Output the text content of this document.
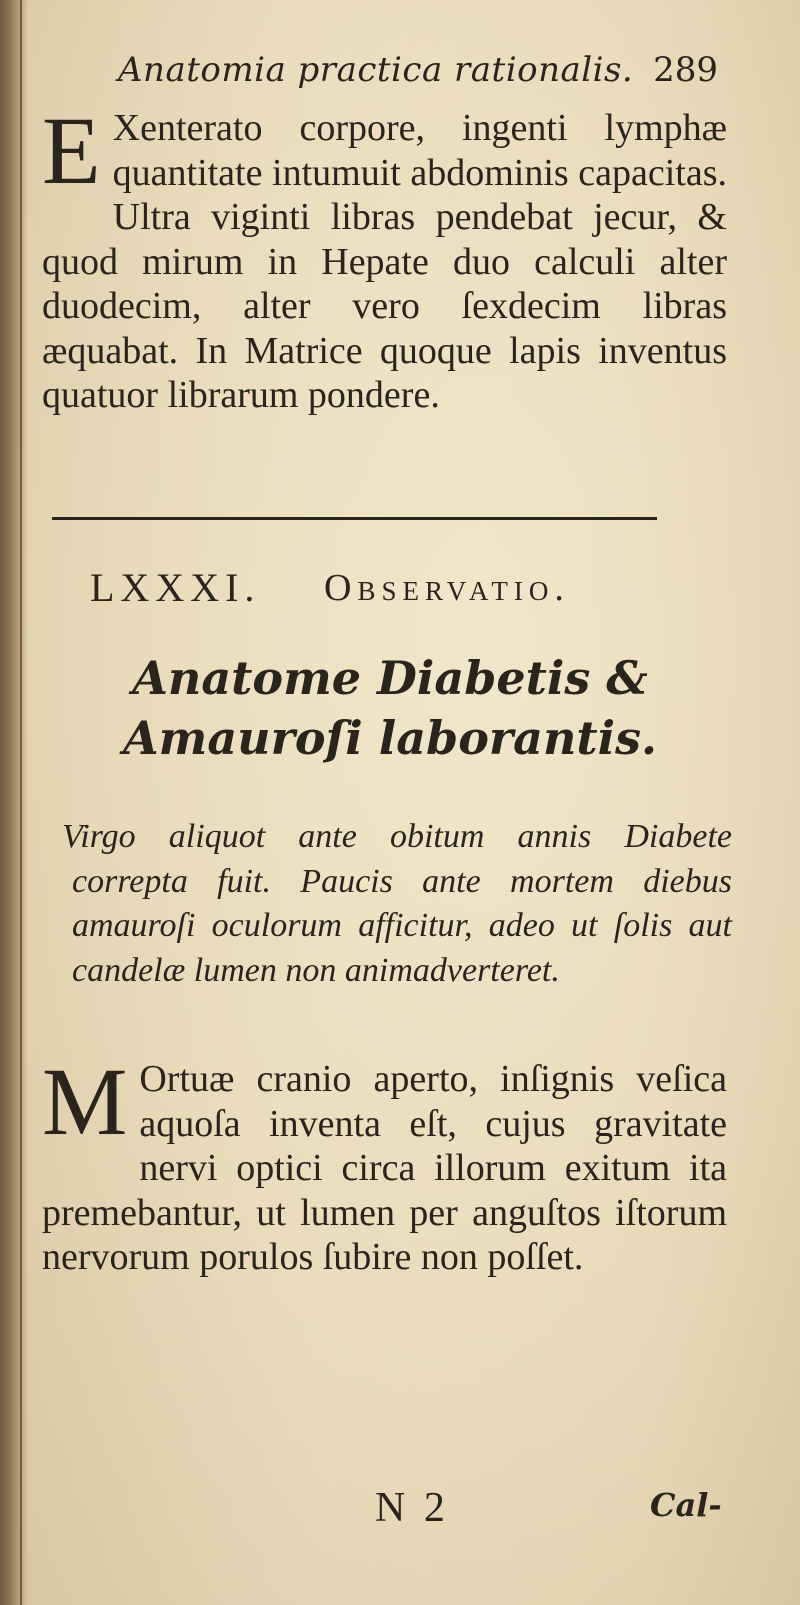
Anatomia practica rationalis. 289
E Xenterato corpore, ingenti lymphæ quantitate intumuit abdominis capacitas. Ultra viginti libras pendebat jecur, & quod mirum in Hepate duo calculi alter duodecim, alter vero ſexdecim libras æquabat. In Matrice quoque lapis inventus quatuor librarum pondere.
LXXXI. Observatio.
Anatome Diabetis & Amauroſi laborantis.
Virgo aliquot ante obitum annis Diabete correpta fuit. Paucis ante mortem diebus amauroſi oculorum afficitur, adeo ut ſolis aut candelæ lumen non animadverteret.
M Ortuæ cranio aperto, inſignis veſica aquoſa inventa eſt, cujus gravitate nervi optici circa illorum exitum ita premebantur, ut lumen per anguſtos iſtorum nervorum porulos ſubire non poſſet.
N 2	Cal-
